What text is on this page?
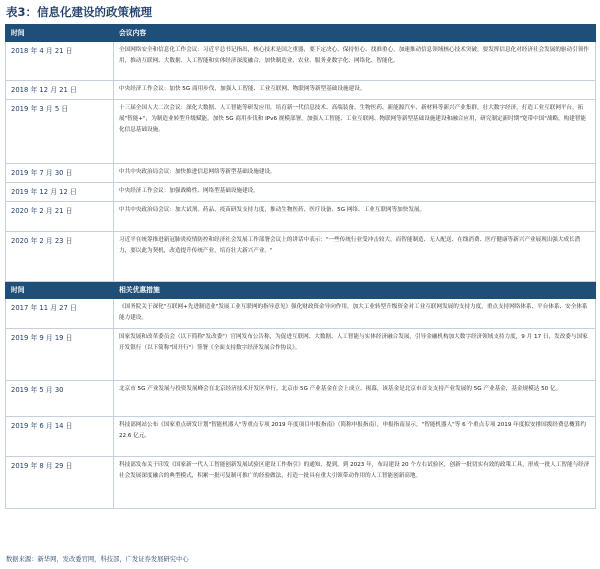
表3：信息化建设的政策梳理
时间	会议内容
2018 年 4 月 21 日	全国网络安全和信息化工作会议：习近平总书记指出，核心技术是国之重器，要下定决心、保持恒心、找准重心，加速推动信息领域核心技术突破。要发挥信息化对经济社会发展的驱动引领作用，推动互联网、大数据、人工智能和实体经济深度融合，加快制造业、农业、服务业数字化、网络化、智能化。
2018 年 12 月 21 日	中央经济工作会议：加快 5G 商用步伐，加强人工智能、工业互联网、物联网等新型基础设施建设。
2019 年 3 月 5 日	十三届全国人大二次会议：深化大数据、人工智能等研发应用，培育新一代信息技术、高端装备、生物医药、新能源汽车、新材料等新兴产业集群，壮大数字经济。打造工业互联网平台，拓展"智能+"，为制造业转型升级赋能。加快 5G 商用步伐和 IPv6 规模部署，加强人工智能、工业互联网、物联网等新型基础设施建设和融合应用，研究制定新时期"宽带中国"战略，构建智能化信息基础设施。
2019 年 7 月 30 日	中共中央政治局会议：加快推进信息网络等新型基础设施建设。
2019 年 12 月 12 日	中央经济工作会议：加强战略性、网络型基础设施建设。
2020 年 2 月 21 日	中共中央政治局会议：加大试剂、药品、疫苗研发支持力度，推动生物医药、医疗设备、5G 网络、工业互联网等加快发展。
2020 年 2 月 23 日	习近平在统筹推进新冠肺炎疫情防控和经济社会发展工作部署会议上的讲话中表示："一些传统行业受冲击较大，而智能制造、无人配送、在线消费、医疗健康等新兴产业展现出强大成长潜力，要以此为契机，改造提升传统产业，培育壮大新兴产业。"
时间	相关优惠措施
2017 年 11 月 27 日	《国务院关于深化"互联网+先进制造业"发展工业互联网的指导意见》强化财政资金导向作用，加大工业转型升级资金对工业互联网发展的支持力度，重点支持网络体系、平台体系、安全体系能力建设。
2019 年 9 月 19 日	国家发展和改革委员会（以下简称"发改委"）官网发布公告称，为促进互联网、大数据、人工智能与实体经济融合发展，引导金融机构加大数字经济领域支持力度，9 月 17 日，发改委与国家开发银行（以下简称"国开行"）签署《全面支持数字经济发展合作协议》。
2019 年 5 月 30	北京市 5G 产业发展与投资发展峰会在北京经济技术开发区举行。北京市 5G 产业基金在会上成立、揭幕，该基金是北京市首支支持产业发展的 5G 产业基金，基金规模达 50 亿。
2019 年 6 月 14 日	科技部网站公布《国家重点研发计划"智能机器人"等重点专项 2019 年度项目申报指南》（简称申报指南），申报指南显示，"智能机器人"等 6 个重点专项 2019 年度拟安排国拨经费总概算约 22.6 亿元。
2019 年 8 月 29 日	科技部发布关于印发《国家新一代人工智能创新发展试验区建设工作指引》的通知，提到，到 2023 年，布局建设 20 个左右试验区，创新一批切实有效的政策工具，形成一批人工智能与经济社会发展深度融合的典型模式，积累一批可复制可推广的经验做法，打造一批具有重大引领带动作用的人工智能创新高地。
数据来源：新华网，发改委官网，科技部，广发证券发展研究中心
